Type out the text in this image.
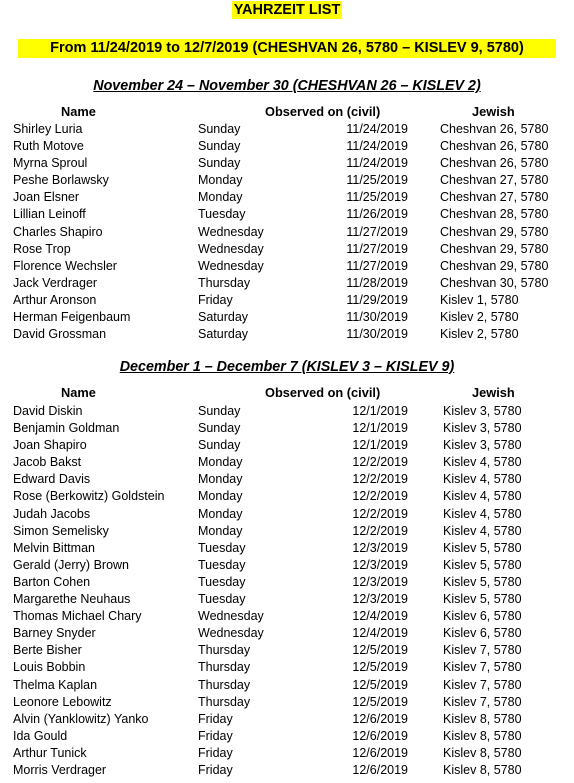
YAHRZEIT LIST
From 11/24/2019 to 12/7/2019 (CHESHVAN 26, 5780 – KISLEV 9, 5780)
November 24 – November 30 (CHESHVAN 26 – KISLEV 2)
Name	Observed on (civil)	Jewish
Shirley Luria	Sunday	11/24/2019	Cheshvan 26, 5780
Ruth Motove	Sunday	11/24/2019	Cheshvan 26, 5780
Myrna Sproul	Sunday	11/24/2019	Cheshvan 26, 5780
Peshe Borlawsky	Monday	11/25/2019	Cheshvan 27, 5780
Joan Elsner	Monday	11/25/2019	Cheshvan 27, 5780
Lillian Leinoff	Tuesday	11/26/2019	Cheshvan 28, 5780
Charles Shapiro	Wednesday	11/27/2019	Cheshvan 29, 5780
Rose Trop	Wednesday	11/27/2019	Cheshvan 29, 5780
Florence Wechsler	Wednesday	11/27/2019	Cheshvan 29, 5780
Jack Verdrager	Thursday	11/28/2019	Cheshvan 30, 5780
Arthur Aronson	Friday	11/29/2019	Kislev 1, 5780
Herman Feigenbaum	Saturday	11/30/2019	Kislev 2, 5780
David Grossman	Saturday	11/30/2019	Kislev 2, 5780
December 1 – December 7 (KISLEV 3 – KISLEV 9)
Name	Observed on (civil)	Jewish
David Diskin	Sunday	12/1/2019	Kislev 3, 5780
Benjamin Goldman	Sunday	12/1/2019	Kislev 3, 5780
Joan Shapiro	Sunday	12/1/2019	Kislev 3, 5780
Jacob Bakst	Monday	12/2/2019	Kislev 4, 5780
Edward Davis	Monday	12/2/2019	Kislev 4, 5780
Rose (Berkowitz) Goldstein	Monday	12/2/2019	Kislev 4, 5780
Judah Jacobs	Monday	12/2/2019	Kislev 4, 5780
Simon Semelisky	Monday	12/2/2019	Kislev 4, 5780
Melvin Bittman	Tuesday	12/3/2019	Kislev 5, 5780
Gerald (Jerry) Brown	Tuesday	12/3/2019	Kislev 5, 5780
Barton Cohen	Tuesday	12/3/2019	Kislev 5, 5780
Margarethe Neuhaus	Tuesday	12/3/2019	Kislev 5, 5780
Thomas Michael Chary	Wednesday	12/4/2019	Kislev 6, 5780
Barney Snyder	Wednesday	12/4/2019	Kislev 6, 5780
Berte Bisher	Thursday	12/5/2019	Kislev 7, 5780
Louis Bobbin	Thursday	12/5/2019	Kislev 7, 5780
Thelma Kaplan	Thursday	12/5/2019	Kislev 7, 5780
Leonore Lebowitz	Thursday	12/5/2019	Kislev 7, 5780
Alvin (Yanklowitz) Yanko	Friday	12/6/2019	Kislev 8, 5780
Ida Gould	Friday	12/6/2019	Kislev 8, 5780
Arthur Tunick	Friday	12/6/2019	Kislev 8, 5780
Morris Verdrager	Friday	12/6/2019	Kislev 8, 5780
